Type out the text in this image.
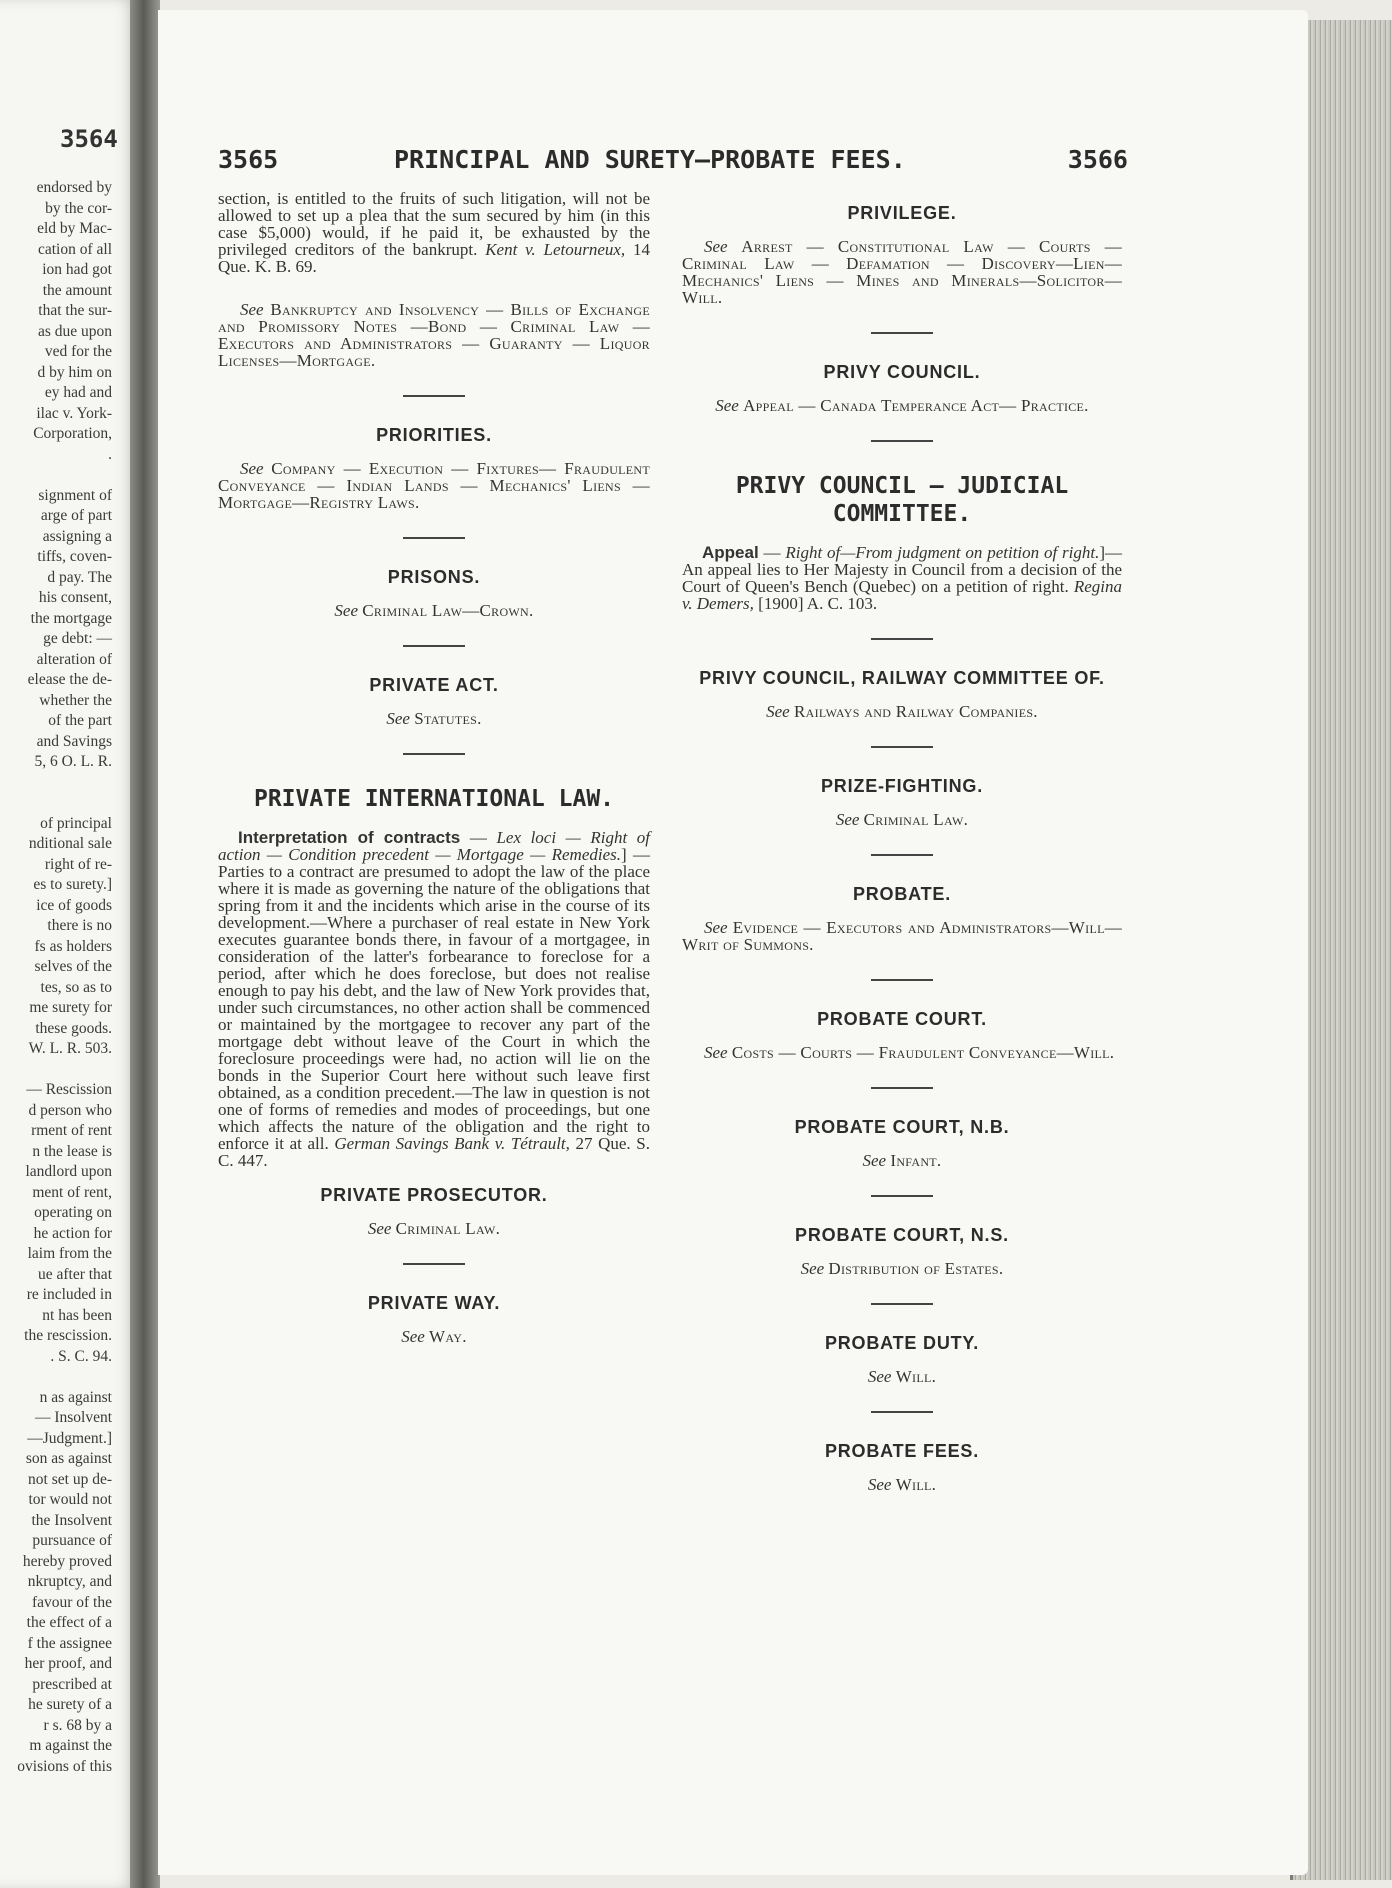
3564
endorsed by
by the cor-
eld by Mac-
cation of all
ion had got
the amount
that the sur-
as due upon
ved for the
d by him on
ey had and
ilac v. York-
Corporation,
.
signment of
arge of part
assigning a
tiffs, coven-
d pay. The
his consent,
the mortgage
ge debt: —
alteration of
elease the de-
whether the
of the part
and Savings
5, 6 O. L. R.
of principal
nditional sale
right of re-
es to surety.]
ice of goods
there is no
fs as holders
selves of the
tes, so as to
me surety for
these goods.
W. L. R. 503.
— Rescission
d person who
rment of rent
n the lease is
landlord upon
ment of rent,
operating on
he action for
laim from the
ue after that
re included in
nt has been
the rescission.
. S. C. 94.
n as against
— Insolvent
—Judgment.]
son as against
not set up de-
tor would not
the Insolvent
pursuance of
hereby proved
nkruptcy, and
favour of the
the effect of a
f the assignee
her proof, and
prescribed at
he surety of a
r s. 68 by a
m against the
ovisions of this
3565	PRINCIPAL AND SURETY—PROBATE FEES.	3566

section, is entitled to the fruits of such litigation, will not be allowed to set up a plea that the sum secured by him (in this case $5,000) would, if he paid it, be exhausted by the privileged creditors of the bankrupt. Kent v. Letourneux, 14 Que. K. B. 69.

See Bankruptcy and Insolvency — Bills of Exchange and Promissory Notes —Bond — Criminal Law — Executors and Administrators — Guaranty — Liquor Licenses—Mortgage.

PRIORITIES.

See Company — Execution — Fixtures— Fraudulent Conveyance — Indian Lands — Mechanics' Liens — Mortgage—Registry Laws.

PRISONS.

See Criminal Law—Crown.

PRIVATE ACT.

See Statutes.

PRIVATE INTERNATIONAL LAW.

Interpretation of contracts — Lex loci — Right of action — Condition precedent — Mortgage — Remedies.] — Parties to a contract are presumed to adopt the law of the place where it is made as governing the nature of the obligations that spring from it and the incidents which arise in the course of its development.—Where a purchaser of real estate in New York executes guarantee bonds there, in favour of a mortgagee, in consideration of the latter's forbearance to foreclose for a period, after which he does foreclose, but does not realise enough to pay his debt, and the law of New York provides that, under such circumstances, no other action shall be commenced or maintained by the mortgagee to recover any part of the mortgage debt without leave of the Court in which the foreclosure proceedings were had, no action will lie on the bonds in the Superior Court here without such leave first obtained, as a condition precedent.—The law in question is not one of forms of remedies and modes of proceedings, but one which affects the nature of the obligation and the right to enforce it at all. German Savings Bank v. Tétrault, 27 Que. S. C. 447.

PRIVATE PROSECUTOR.

See Criminal Law.

PRIVATE WAY.

See Way.

PRIVILEGE.

See Arrest — Constitutional Law — Courts — Criminal Law — Defamation — Discovery—Lien—Mechanics' Liens — Mines and Minerals—Solicitor—Will.

PRIVY COUNCIL.

See Appeal — Canada Temperance Act— Practice.

PRIVY COUNCIL — JUDICIAL COMMITTEE.

Appeal — Right of—From judgment on petition of right.]—An appeal lies to Her Majesty in Council from a decision of the Court of Queen's Bench (Quebec) on a petition of right. Regina v. Demers, [1900] A. C. 103.

PRIVY COUNCIL, RAILWAY COMMITTEE OF.

See Railways and Railway Companies.

PRIZE-FIGHTING.

See Criminal Law.

PROBATE.

See Evidence — Executors and Administrators—Will—Writ of Summons.

PROBATE COURT.

See Costs — Courts — Fraudulent Conveyance—Will.

PROBATE COURT, N.B.

See Infant.

PROBATE COURT, N.S.

See Distribution of Estates.

PROBATE DUTY.

See Will.

PROBATE FEES.

See Will.
